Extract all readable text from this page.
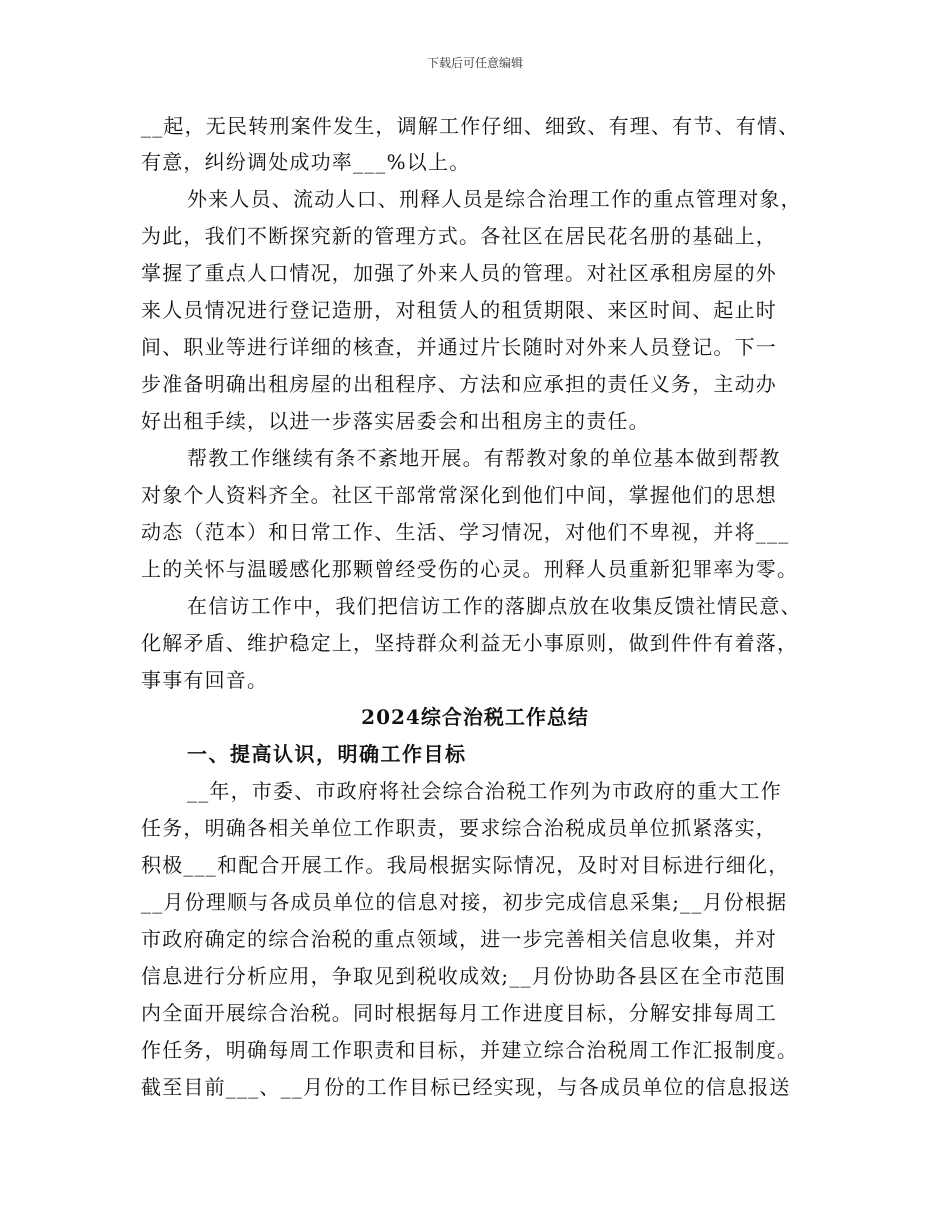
下载后可任意编辑
__起，无民转刑案件发生，调解工作仔细、细致、有理、有节、有情、
有意，纠纷调处成功率___%以上。
外来人员、流动人口、刑释人员是综合治理工作的重点管理对象，
为此，我们不断探究新的管理方式。各社区在居民花名册的基础上，
掌握了重点人口情况，加强了外来人员的管理。对社区承租房屋的外
来人员情况进行登记造册，对租赁人的租赁期限、来区时间、起止时
间、职业等进行详细的核查，并通过片长随时对外来人员登记。下一
步准备明确出租房屋的出租程序、方法和应承担的责任义务，主动办
好出租手续，以进一步落实居委会和出租房主的责任。
帮教工作继续有条不紊地开展。有帮教对象的单位基本做到帮教
对象个人资料齐全。社区干部常常深化到他们中间，掌握他们的思想
动态（范本）和日常工作、生活、学习情况，对他们不卑视，并将___
上的关怀与温暖感化那颗曾经受伤的心灵。刑释人员重新犯罪率为零。
在信访工作中，我们把信访工作的落脚点放在收集反馈社情民意、
化解矛盾、维护稳定上，坚持群众利益无小事原则，做到件件有着落，
事事有回音。
2024综合治税工作总结
一、提高认识，明确工作目标
__年，市委、市政府将社会综合治税工作列为市政府的重大工作
任务，明确各相关单位工作职责，要求综合治税成员单位抓紧落实，
积极___和配合开展工作。我局根据实际情况，及时对目标进行细化，
__月份理顺与各成员单位的信息对接，初步完成信息采集;__月份根据
市政府确定的综合治税的重点领域，进一步完善相关信息收集，并对
信息进行分析应用，争取见到税收成效;__月份协助各县区在全市范围
内全面开展综合治税。同时根据每月工作进度目标，分解安排每周工
作任务，明确每周工作职责和目标，并建立综合治税周工作汇报制度。
截至目前___、__月份的工作目标已经实现，与各成员单位的信息报送
